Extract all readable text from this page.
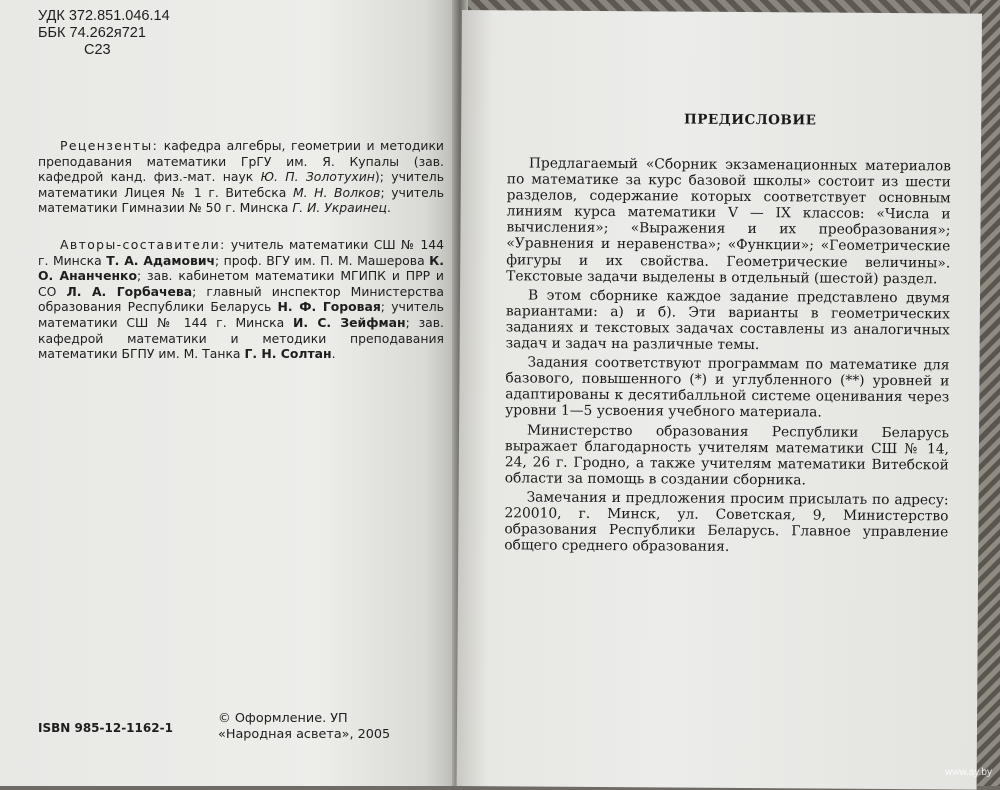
УДК 372.851.046.14
ББК 74.262я721
С23

Рецензенты: кафедра алгебры, геометрии и методики преподавания математики ГрГУ им. Я. Купалы (зав. кафедрой канд. физ.-мат. наук Ю. П. Золотухин); учитель математики Лицея № 1 г. Витебска М. Н. Волков; учитель математики Гимназии № 50 г. Минска Г. И. Украинец.

Авторы-составители: учитель математики СШ № 144 г. Минска Т. А. Адамович; проф. ВГУ им. П. М. Машерова К. О. Ананченко; зав. кабинетом математики МГИПК и ПРР и СО Л. А. Горбачева; главный инспектор Министерства образования Республики Беларусь Н. Ф. Горовая; учитель математики СШ № 144 г. Минска И. С. Зейфман; зав. кафедрой математики и методики преподавания математики БГПУ им. М. Танка Г. Н. Солтан.

ISBN 985-12-1162-1
© Оформление. УП «Народная асвета», 2005
ПРЕДИСЛОВИЕ

Предлагаемый «Сборник экзаменационных материалов по математике за курс базовой школы» состоит из шести разделов, содержание которых соответствует основным линиям курса математики V — IX классов: «Числа и вычисления»; «Выражения и их преобразования»; «Уравнения и неравенства»; «Функции»; «Геометрические фигуры и их свойства. Геометрические величины». Текстовые задачи выделены в отдельный (шестой) раздел.

В этом сборнике каждое задание представлено двумя вариантами: а) и б). Эти варианты в геометрических заданиях и текстовых задачах составлены из аналогичных задач и задач на различные темы.

Задания соответствуют программам по математике для базового, повышенного (*) и углубленного (**) уровней и адаптированы к десятибалльной системе оценивания через уровни 1—5 усвоения учебного материала.

Министерство образования Республики Беларусь выражает благодарность учителям математики СШ № 14, 24, 26 г. Гродно, а также учителям математики Витебской области за помощь в создании сборника.

Замечания и предложения просим присылать по адресу: 220010, г. Минск, ул. Советская, 9, Министерство образования Республики Беларусь. Главное управление общего среднего образования.

www.ay.by
